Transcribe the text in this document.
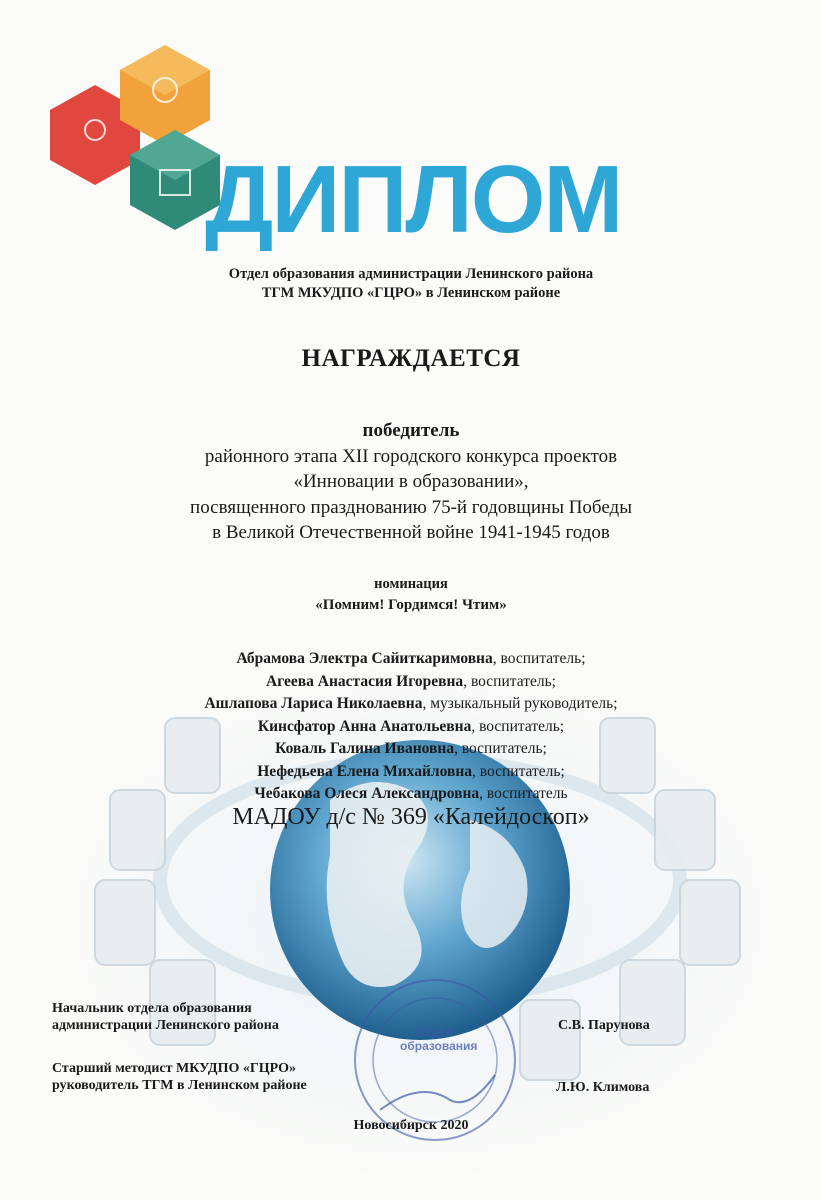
ДИПЛОМ
Отдел образования администрации Ленинского района
ТГМ МКУДПО «ГЦРО» в Ленинском районе
НАГРАЖДАЕТСЯ
победитель
районного этапа XII городского конкурса проектов
«Инновации в образовании»,
посвященного празднованию 75-й годовщины Победы
в Великой Отечественной войне 1941-1945 годов
номинация
«Помним! Гордимся! Чтим»
Абрамова Электра Сайиткаримовна, воспитатель;
Агеева Анастасия Игоревна, воспитатель;
Ашлапова Лариса Николаевна, музыкальный руководитель;
Кинсфатор Анна Анатольевна, воспитатель;
Коваль Галина Ивановна, воспитатель;
Нефедьева Елена Михайловна, воспитатель;
Чебакова Олеся Александровна, воспитатель
МАДОУ д/с № 369 «Калейдоскоп»
Отдел образования
Начальник отдела образования
администрации Ленинского района	С.В. Парунова
Старший методист МКУДПО «ГЦРО»
руководитель ТГМ в Ленинском районе	Л.Ю. Климова
Новосибирск 2020
